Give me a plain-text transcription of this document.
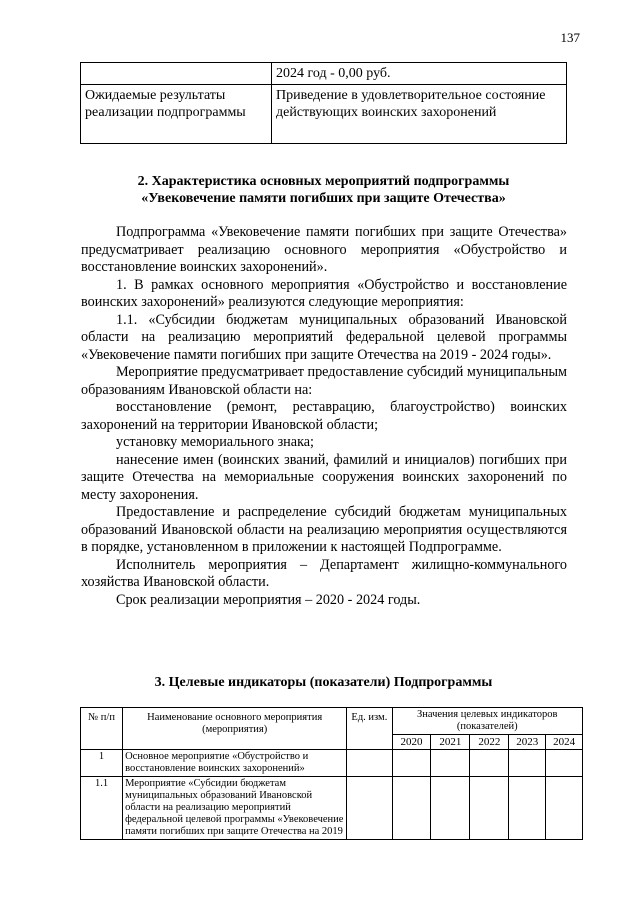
137
	2024 год - 0,00 руб.
Ожидаемые результаты реализации подпрограммы	Приведение в удовлетворительное состояние действующих воинских захоронений
2. Характеристика основных мероприятий подпрограммы
«Увековечение памяти погибших при защите Отечества»

Подпрограмма «Увековечение памяти погибших при защите Отечества» предусматривает реализацию основного мероприятия «Обустройство и восстановление воинских захоронений».

1. В рамках основного мероприятия «Обустройство и восстановление воинских захоронений» реализуются следующие мероприятия:

1.1. «Субсидии бюджетам муниципальных образований Ивановской области на реализацию мероприятий федеральной целевой программы «Увековечение памяти погибших при защите Отечества на 2019 - 2024 годы».

Мероприятие предусматривает предоставление субсидий муниципальным образованиям Ивановской области на:

восстановление (ремонт, реставрацию, благоустройство) воинских захоронений на территории Ивановской области;

установку мемориального знака;

нанесение имен (воинских званий, фамилий и инициалов) погибших при защите Отечества на мемориальные сооружения воинских захоронений по месту захоронения.

Предоставление и распределение субсидий бюджетам муниципальных образований Ивановской области на реализацию мероприятия осуществляются в порядке, установленном в приложении к настоящей Подпрограмме.

Исполнитель мероприятия – Департамент жилищно-коммунального хозяйства Ивановской области.

Срок реализации мероприятия – 2020 - 2024 годы.

3. Целевые индикаторы (показатели) Подпрограммы
№ п/п	Наименование основного мероприятия (мероприятия)	Ед. изм.	Значения целевых индикаторов (показателей)				
			2020	2021	2022	2023	2024
1	Основное мероприятие «Обустройство и восстановление воинских захоронений»						
1.1	Мероприятие «Субсидии бюджетам муниципальных образований Ивановской области на реализацию мероприятий федеральной целевой программы «Увековечение памяти погибших при защите Отечества на 2019						
